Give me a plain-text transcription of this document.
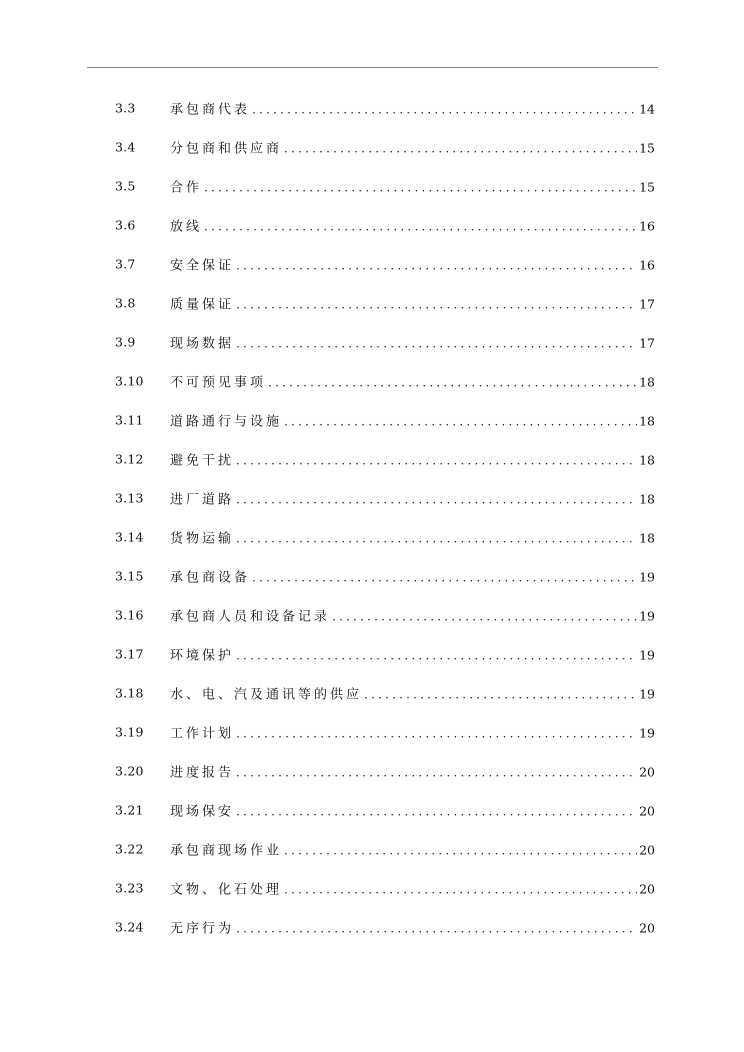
3.3	承包商代表 .....	14
3.4	分包商和供应商 .....	15
3.5	合作 .....	15
3.6	放线 .....	16
3.7	安全保证 .....	16
3.8	质量保证 .....	17
3.9	现场数据 .....	17
3.10 不可预见事项 .....	18
3.11 道路通行与设施 .....	18
3.12 避免干扰 .....	18
3.13 进厂道路 .....	18
3.14 货物运输 .....	18
3.15 承包商设备 .....	19
3.16 承包商人员和设备记录 .....	19
3.17 环境保护 .....	19
3.18 水、电、汽及通讯等的供应 .....	19
3.19 工作计划 .....	19
3.20 进度报告 .....	20
3.21 现场保安 .....	20
3.22 承包商现场作业 .....	20
3.23 文物、化石处理 .....	20
3.24 无序行为 .....	20
